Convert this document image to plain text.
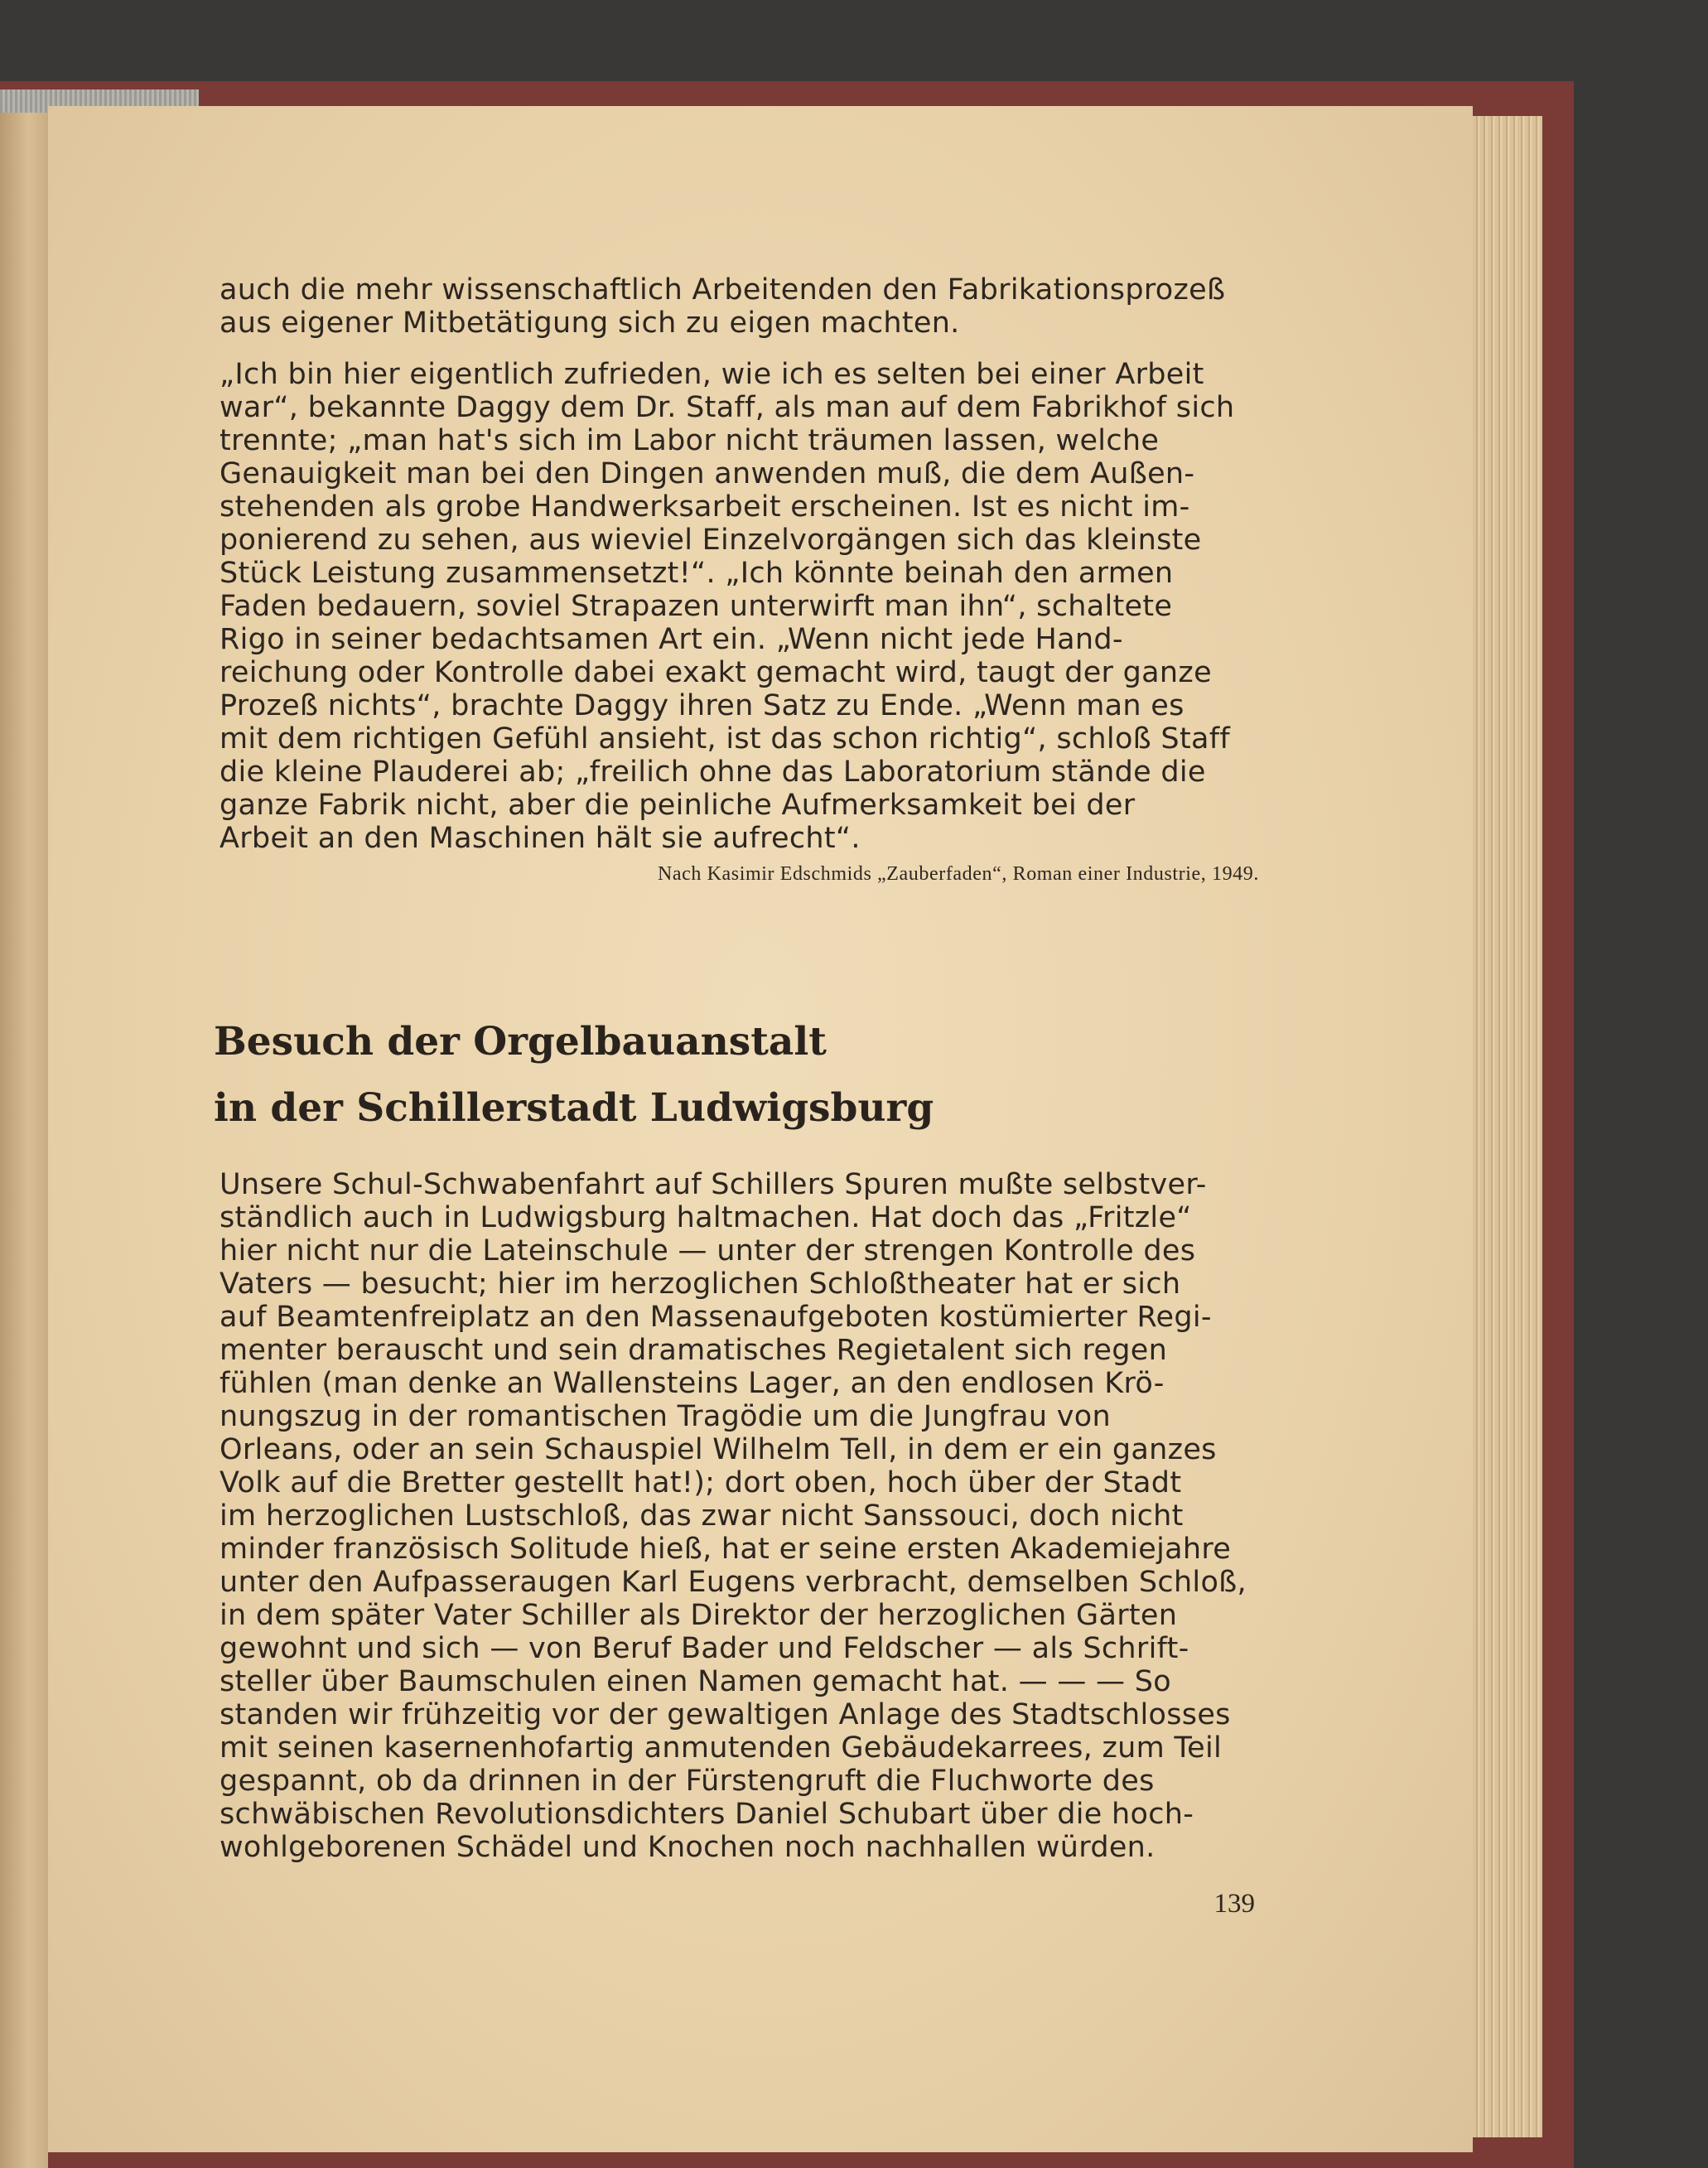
auch die mehr wissenschaftlich Arbeitenden den Fabrikationsprozeß
aus eigener Mitbetätigung sich zu eigen machten.

„Ich bin hier eigentlich zufrieden, wie ich es selten bei einer Arbeit
war“, bekannte Daggy dem Dr. Staff, als man auf dem Fabrikhof sich
trennte; „man hat's sich im Labor nicht träumen lassen, welche
Genauigkeit man bei den Dingen anwenden muß, die dem Außen-
stehenden als grobe Handwerksarbeit erscheinen. Ist es nicht im-
ponierend zu sehen, aus wieviel Einzelvorgängen sich das kleinste
Stück Leistung zusammensetzt!“. „Ich könnte beinah den armen
Faden bedauern, soviel Strapazen unterwirft man ihn“, schaltete
Rigo in seiner bedachtsamen Art ein. „Wenn nicht jede Hand-
reichung oder Kontrolle dabei exakt gemacht wird, taugt der ganze
Prozeß nichts“, brachte Daggy ihren Satz zu Ende. „Wenn man es
mit dem richtigen Gefühl ansieht, ist das schon richtig“, schloß Staff
die kleine Plauderei ab; „freilich ohne das Laboratorium stände die
ganze Fabrik nicht, aber die peinliche Aufmerksamkeit bei der
Arbeit an den Maschinen hält sie aufrecht“.

Nach Kasimir Edschmids „Zauberfaden“, Roman einer Industrie, 1949.
Besuch der Orgelbauanstalt
in der Schillerstadt Ludwigsburg

Unsere Schul-Schwabenfahrt auf Schillers Spuren mußte selbstver-
ständlich auch in Ludwigsburg haltmachen. Hat doch das „Fritzle“
hier nicht nur die Lateinschule — unter der strengen Kontrolle des
Vaters — besucht; hier im herzoglichen Schloßtheater hat er sich
auf Beamtenfreiplatz an den Massenaufgeboten kostümierter Regi-
menter berauscht und sein dramatisches Regietalent sich regen
fühlen (man denke an Wallensteins Lager, an den endlosen Krö-
nungszug in der romantischen Tragödie um die Jungfrau von
Orleans, oder an sein Schauspiel Wilhelm Tell, in dem er ein ganzes
Volk auf die Bretter gestellt hat!); dort oben, hoch über der Stadt
im herzoglichen Lustschloß, das zwar nicht Sanssouci, doch nicht
minder französisch Solitude hieß, hat er seine ersten Akademiejahre
unter den Aufpasseraugen Karl Eugens verbracht, demselben Schloß,
in dem später Vater Schiller als Direktor der herzoglichen Gärten
gewohnt und sich — von Beruf Bader und Feldscher — als Schrift-
steller über Baumschulen einen Namen gemacht hat. — — — So
standen wir frühzeitig vor der gewaltigen Anlage des Stadtschlosses
mit seinen kasernenhofartig anmutenden Gebäudekarrees, zum Teil
gespannt, ob da drinnen in der Fürstengruft die Fluchworte des
schwäbischen Revolutionsdichters Daniel Schubart über die hoch-
wohlgeborenen Schädel und Knochen noch nachhallen würden.

139
